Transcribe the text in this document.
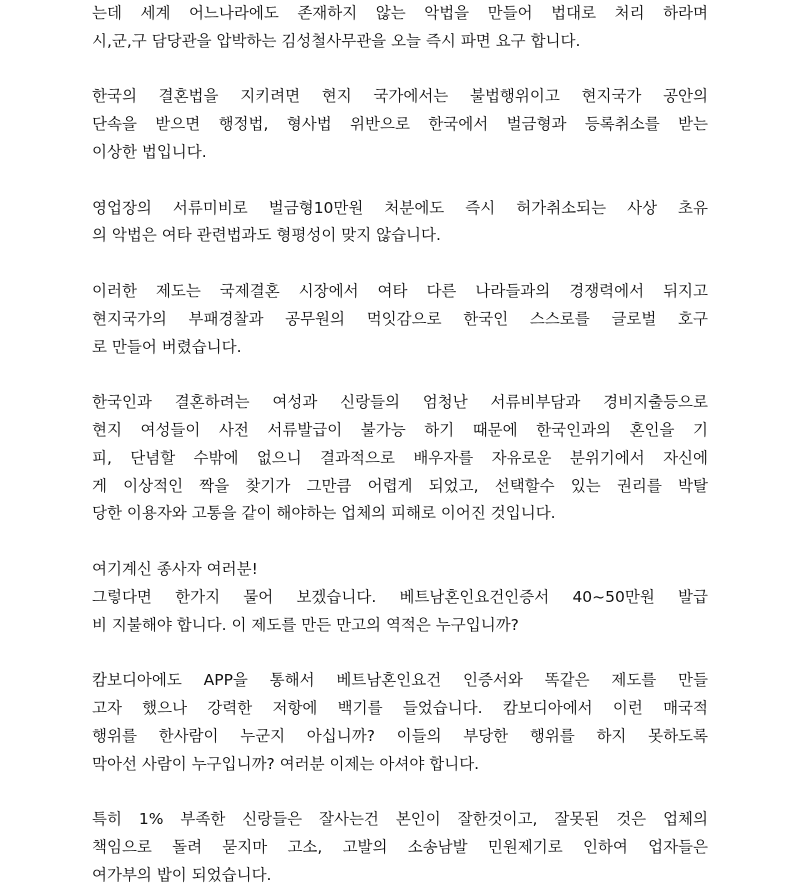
는데 세계 어느나라에도 존재하지 않는 악법을 만들어 법대로 처리 하라며
시,군,구 담당관을 압박하는 김성철사무관을 오늘 즉시 파면 요구 합니다.
한국의 결혼법을 지키려면 현지 국가에서는 불법행위이고 현지국가 공안의
단속을 받으면 행정법, 형사법 위반으로 한국에서 벌금형과 등록취소를 받는
이상한 법입니다.
영업장의 서류미비로 벌금형10만원 처분에도 즉시 허가취소되는 사상 초유
의 악법은 여타 관련법과도 형평성이 맞지 않습니다.
이러한 제도는 국제결혼 시장에서 여타 다른 나라들과의 경쟁력에서 뒤지고
현지국가의 부패경찰과 공무원의 먹잇감으로 한국인 스스로를 글로벌 호구
로 만들어 버렸습니다.
한국인과 결혼하려는 여성과 신랑들의 엄청난 서류비부담과 경비지출등으로
현지 여성들이 사전 서류발급이 불가능 하기 때문에 한국인과의 혼인을 기
피, 단념할 수밖에 없으니 결과적으로 배우자를 자유로운 분위기에서 자신에
게 이상적인 짝을 찾기가 그만큼 어렵게 되었고, 선택할수 있는 권리를 박탈
당한 이용자와 고통을 같이 해야하는 업체의 피해로 이어진 것입니다.
여기계신 종사자 여러분!
그렇다면 한가지 물어 보겠습니다. 베트남혼인요건인증서 40~50만원 발급
비 지불해야 합니다. 이 제도를 만든 만고의 역적은 누구입니까?
캄보디아에도 APP을 통해서 베트남혼인요건 인증서와 똑같은 제도를 만들
고자 했으나 강력한 저항에 백기를 들었습니다. 캄보디아에서 이런 매국적
행위를 한사람이 누군지 아십니까? 이들의 부당한 행위를 하지 못하도록
막아선 사람이 누구입니까? 여러분 이제는 아셔야 합니다.
특히 1% 부족한 신랑들은 잘사는건 본인이 잘한것이고, 잘못된 것은 업체의
책임으로 돌려 묻지마 고소, 고발의 소송남발 민원제기로 인하여 업자들은
여가부의 밥이 되었습니다.
